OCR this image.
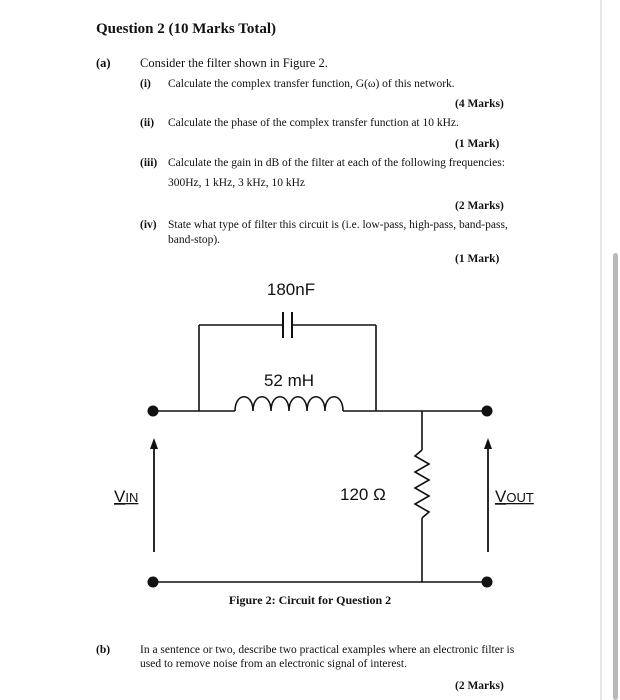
Question 2 (10 Marks Total)
(a) Consider the filter shown in Figure 2.
(i) Calculate the complex transfer function, G(ω) of this network.
(4 Marks)
(ii) Calculate the phase of the complex transfer function at 10 kHz.
(1 Mark)
(iii) Calculate the gain in dB of the filter at each of the following frequencies:
300Hz, 1 kHz, 3 kHz, 10 kHz
(2 Marks)
(iv) State what type of filter this circuit is (i.e. low-pass, high-pass, band-pass,
band-stop).
(1 Mark)
180nF
52 mH
120 Ω
VIN	VOUT
Figure 2: Circuit for Question 2
(b)	In a sentence or two, describe two practical examples where an electronic filter is
used to remove noise from an electronic signal of interest.
(2 Marks)
